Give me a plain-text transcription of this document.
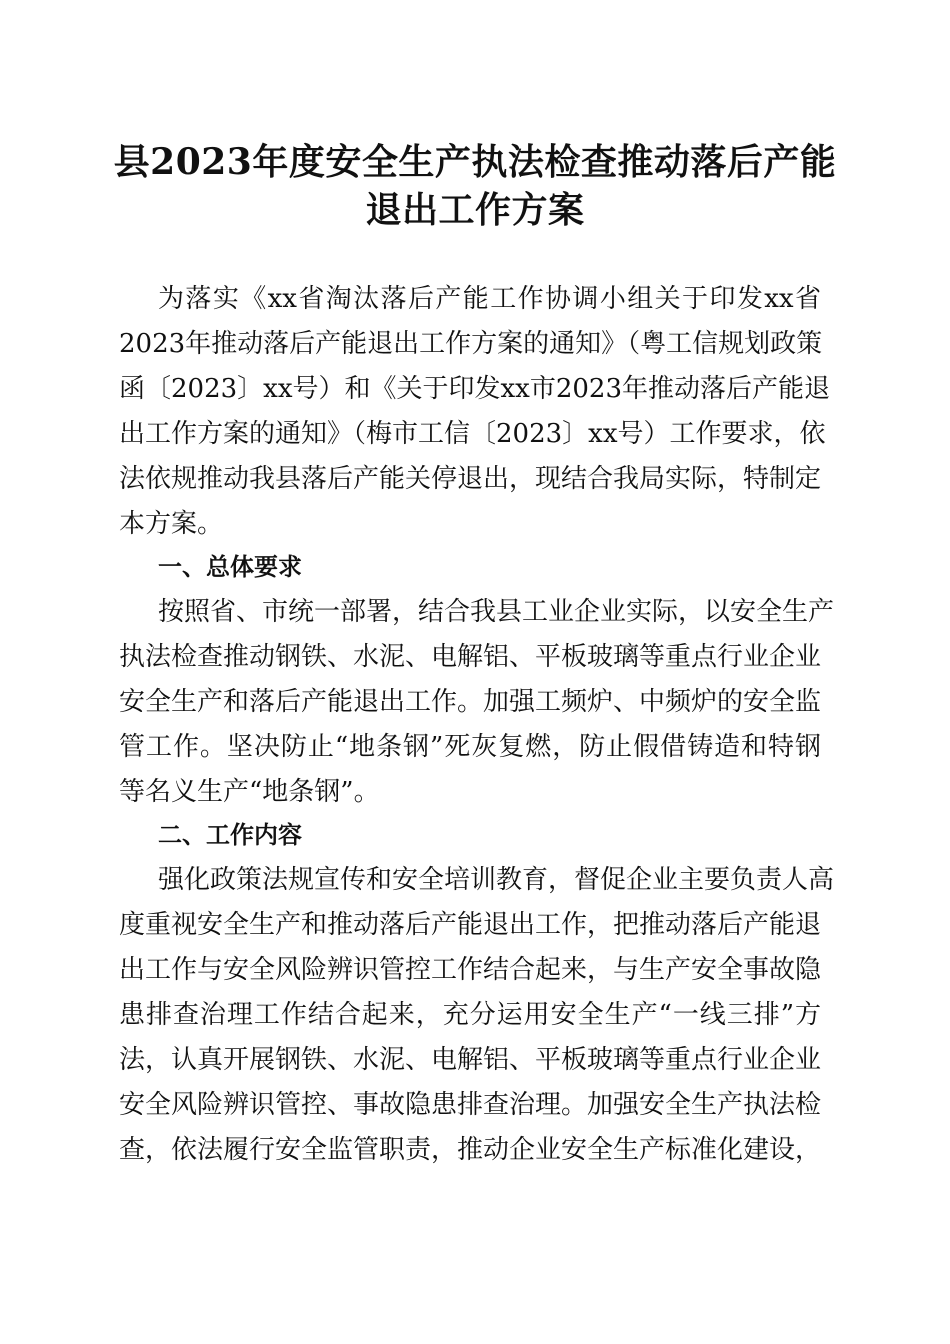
县2023年度安全生产执法检查推动落后产能
退出工作方案
为落实《xx省淘汰落后产能工作协调小组关于印发xx省
2023年推动落后产能退出工作方案的通知》（粤工信规划政策
函〔2023〕xx号）和《关于印发xx市2023年推动落后产能退
出工作方案的通知》（梅市工信〔2023〕xx号）工作要求，依
法依规推动我县落后产能关停退出，现结合我局实际，特制定
本方案。
一、总体要求
按照省、市统一部署，结合我县工业企业实际，以安全生产
执法检查推动钢铁、水泥、电解铝、平板玻璃等重点行业企业
安全生产和落后产能退出工作。加强工频炉、中频炉的安全监
管工作。坚决防止“地条钢”死灰复燃，防止假借铸造和特钢
等名义生产“地条钢”。
二、工作内容
强化政策法规宣传和安全培训教育，督促企业主要负责人高
度重视安全生产和推动落后产能退出工作，把推动落后产能退
出工作与安全风险辨识管控工作结合起来，与生产安全事故隐
患排查治理工作结合起来，充分运用安全生产“一线三排”方
法，认真开展钢铁、水泥、电解铝、平板玻璃等重点行业企业
安全风险辨识管控、事故隐患排查治理。加强安全生产执法检
查，依法履行安全监管职责，推动企业安全生产标准化建设，
